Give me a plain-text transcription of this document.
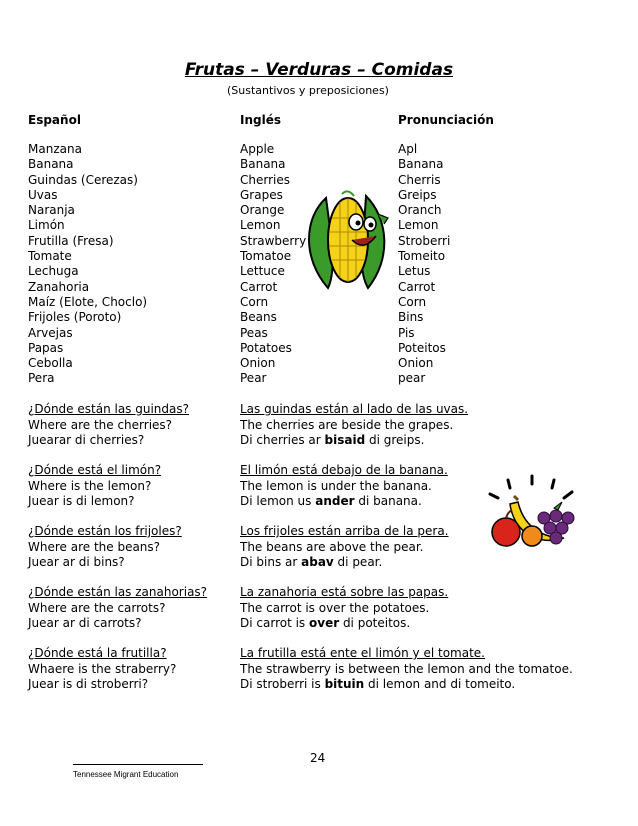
Frutas – Verduras – Comidas
(Sustantivos y preposiciones)
Español	Inglés	Pronunciación
Manzana
Banana
Guindas (Cerezas)
Uvas
Naranja
Limón
Frutilla (Fresa)
Tomate
Lechuga
Zanahoria
Maíz (Elote, Choclo)
Frijoles (Poroto)
Arvejas
Papas
Cebolla
Pera
Apple
Banana
Cherries
Grapes
Orange
Lemon
Strawberry
Tomatoe
Lettuce
Carrot
Corn
Beans
Peas
Potatoes
Onion
Pear
Apl
Banana
Cherris
Greips
Oranch
Lemon
Stroberri
Tomeito
Letus
Carrot
Corn
Bins
Pis
Poteitos
Onion
pear
¿Dónde están las guindas?
Where are the cherries?
Juearar di cherries?
Las guindas están al lado de las uvas.
The cherries are beside the grapes.
Di cherries ar bisaid di greips.
¿Dónde está el limón?
Where is the lemon?
Juear is di lemon?
El limón está debajo de la banana.
The lemon is under the banana.
Di lemon us ander di banana.
¿Dónde están los frijoles?
Where are the beans?
Juear ar di bins?
Los frijoles están arriba de la pera.
The beans are above the pear.
Di bins ar abav di pear.
¿Dónde están las zanahorias?
Where are the carrots?
Juear ar di carrots?
La zanahoria está sobre las papas.
The carrot is over the potatoes.
Di carrot is over di poteitos.
¿Dónde está la frutilla?
Whaere is the straberry?
Juear is di stroberri?
La frutilla está ente el limón y el tomate.
The strawberry is between the lemon and the tomatoe.
Di stroberri is bituin di lemon and di tomeito.
24
Tennessee Migrant Education
